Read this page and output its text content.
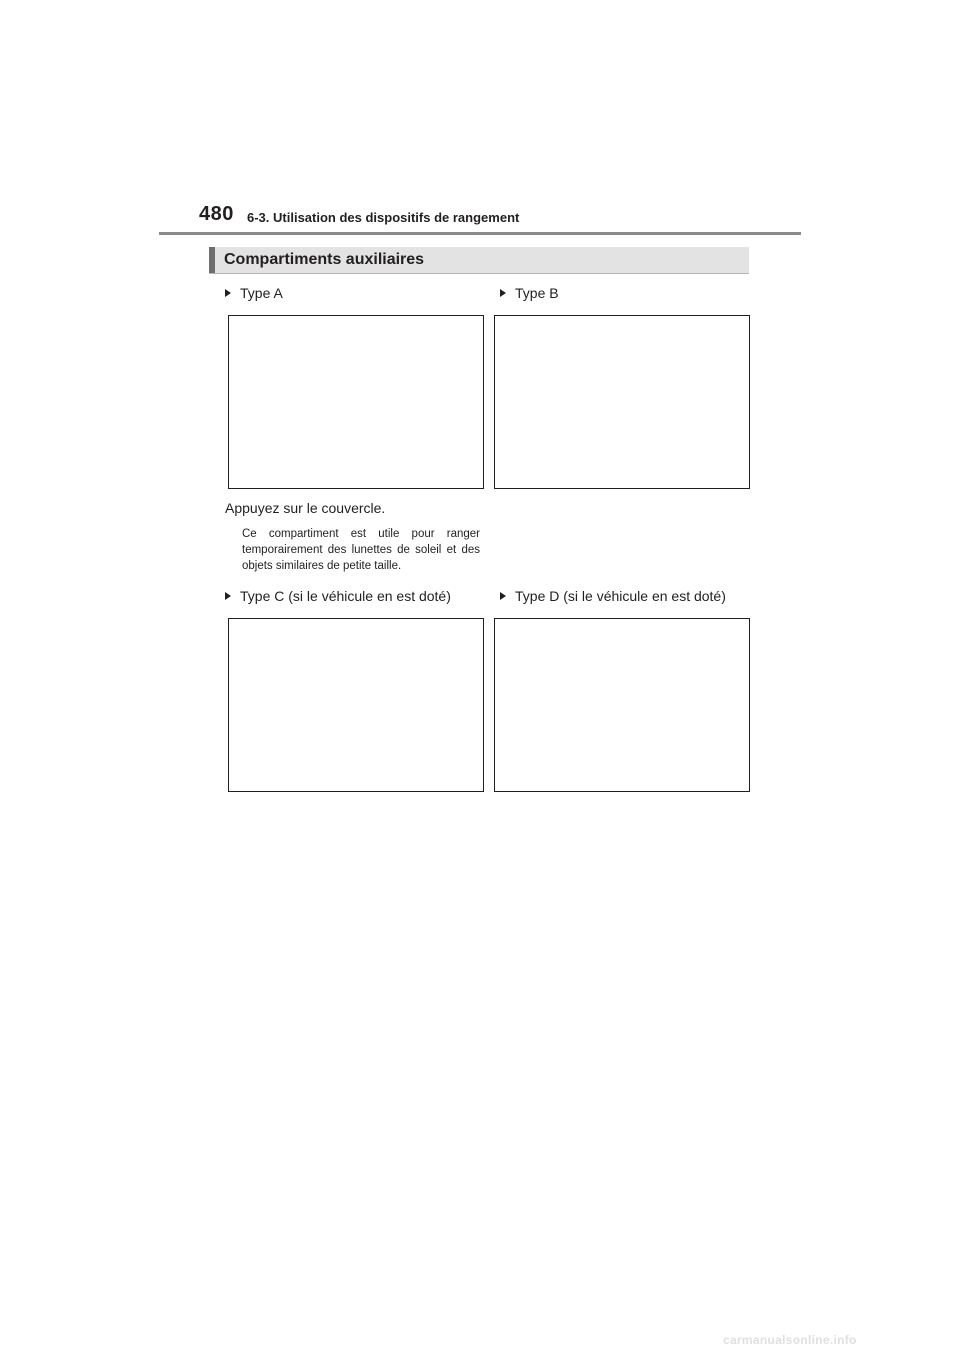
480 6-3. Utilisation des dispositifs de rangement
Compartiments auxiliaires
Type A	Type B
Appuyez sur le couvercle.
Ce compartiment est utile pour ranger temporairement des lunettes de soleil et des objets similaires de petite taille.
Type C (si le véhicule en est doté)	Type D (si le véhicule en est doté)
carmanualsonline.info
